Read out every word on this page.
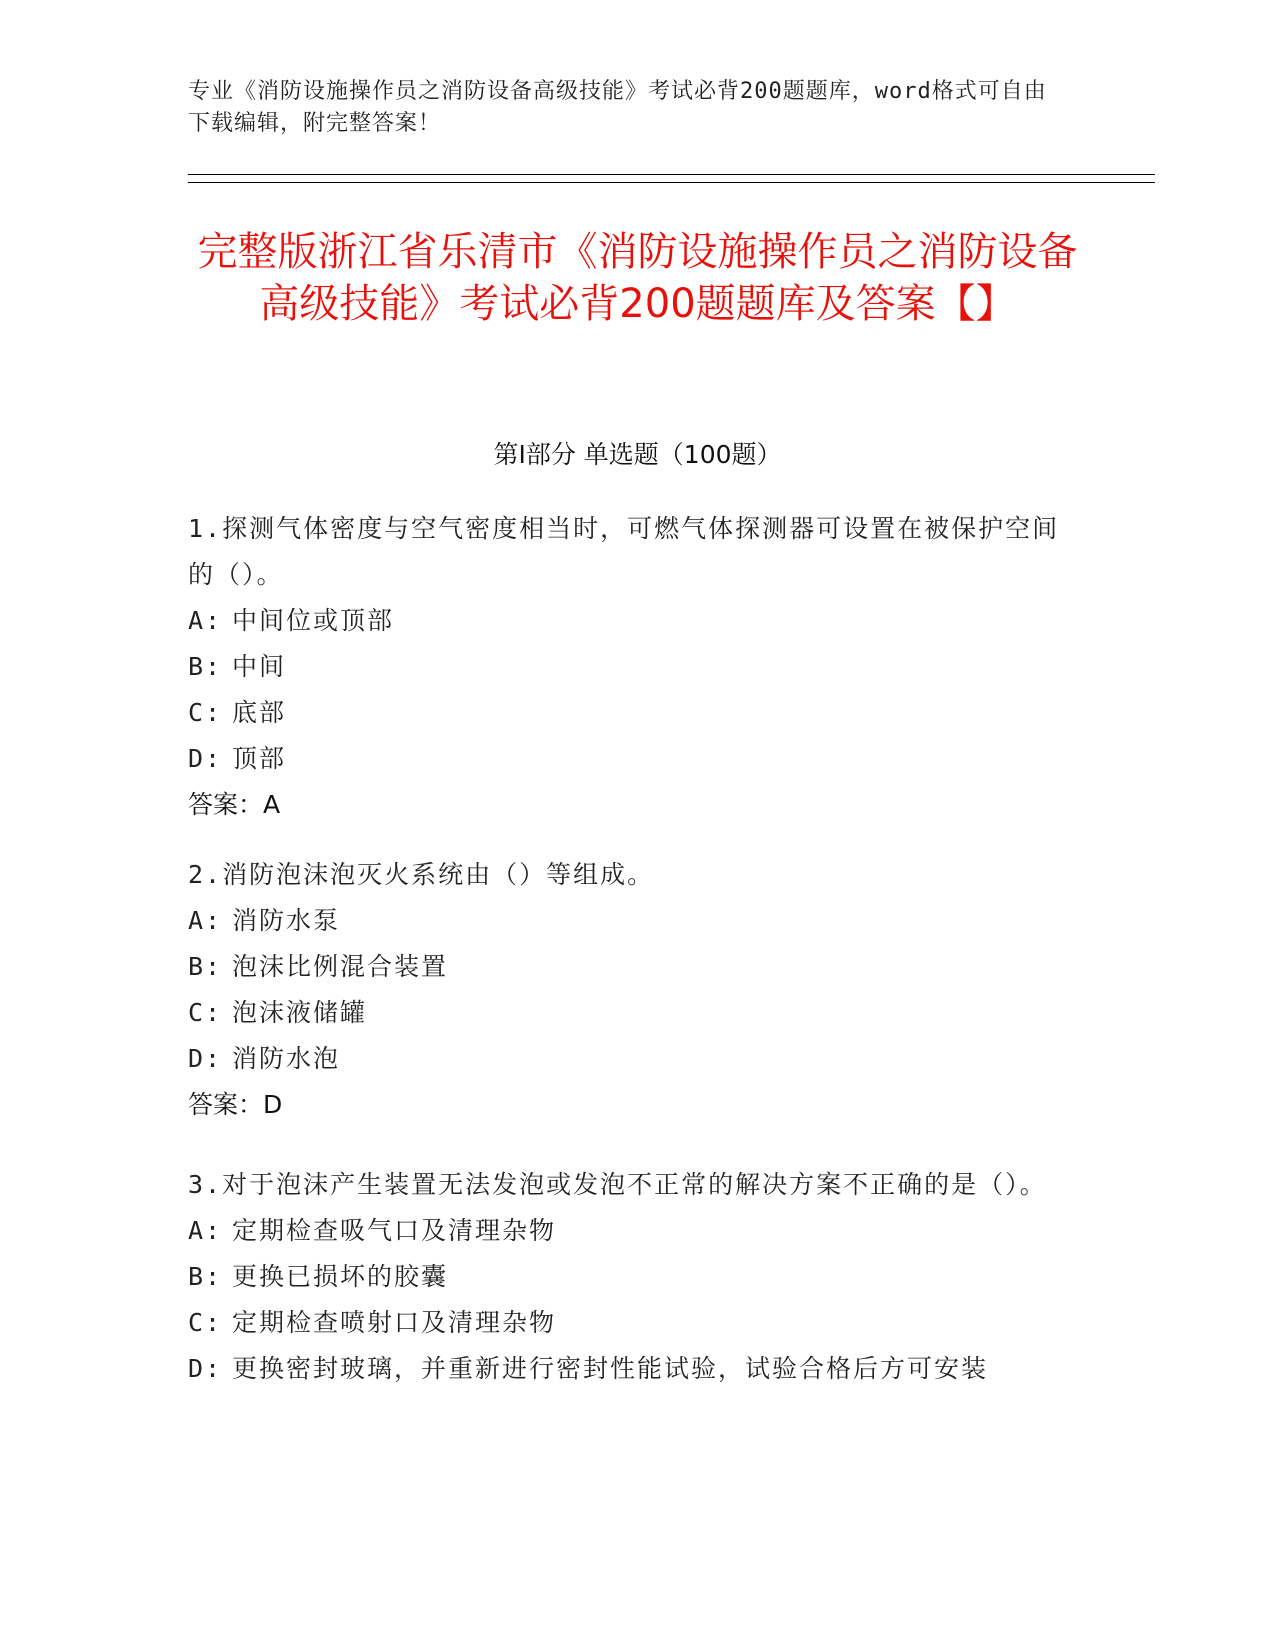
专业《消防设施操作员之消防设备高级技能》考试必背200题题库，word格式可自由下载编辑，附完整答案！
完整版浙江省乐清市《消防设施操作员之消防设备高级技能》考试必背200题题库及答案【】
第I部分 单选题（100题）
1.探测气体密度与空气密度相当时，可燃气体探测器可设置在被保护空间的（）。
A: 中间位或顶部
B: 中间
C: 底部
D: 顶部
答案：A
2.消防泡沫泡灭火系统由（）等组成。
A: 消防水泵
B: 泡沫比例混合装置
C: 泡沫液储罐
D: 消防水泡
答案：D
3.对于泡沫产生装置无法发泡或发泡不正常的解决方案不正确的是（）。
A: 定期检查吸气口及清理杂物
B: 更换已损坏的胶囊
C: 定期检查喷射口及清理杂物
D: 更换密封玻璃，并重新进行密封性能试验，试验合格后方可安装
